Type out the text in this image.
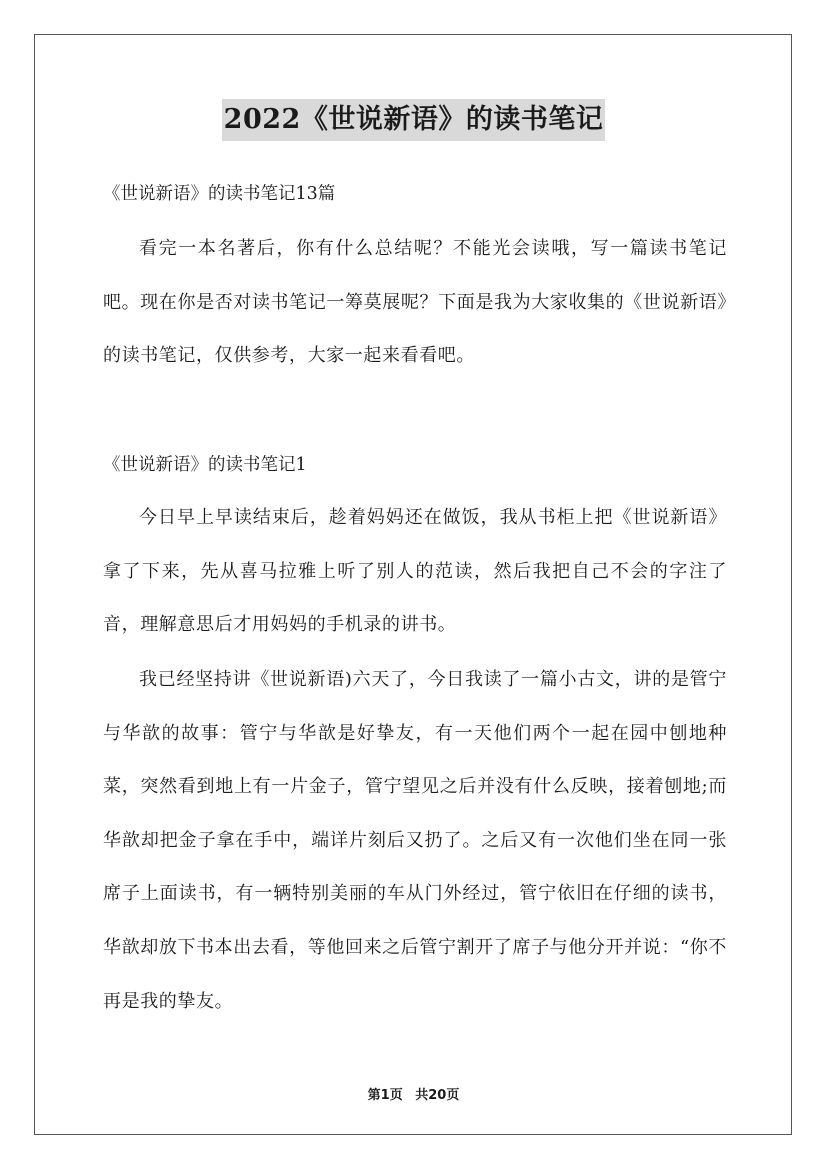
2022《世说新语》的读书笔记
《世说新语》的读书笔记13篇
看完一本名著后，你有什么总结呢？不能光会读哦，写一篇读书笔记吧。现在你是否对读书笔记一筹莫展呢？下面是我为大家收集的《世说新语》的读书笔记，仅供参考，大家一起来看看吧。
《世说新语》的读书笔记1
今日早上早读结束后，趁着妈妈还在做饭，我从书柜上把《世说新语》拿了下来，先从喜马拉雅上听了别人的范读，然后我把自己不会的字注了音，理解意思后才用妈妈的手机录的讲书。
我已经坚持讲《世说新语)六天了，今日我读了一篇小古文，讲的是管宁与华歆的故事：管宁与华歆是好挚友，有一天他们两个一起在园中刨地种菜，突然看到地上有一片金子，管宁望见之后并没有什么反映，接着刨地;而华歆却把金子拿在手中，端详片刻后又扔了。之后又有一次他们坐在同一张席子上面读书，有一辆特别美丽的车从门外经过，管宁依旧在仔细的读书，华歆却放下书本出去看，等他回来之后管宁割开了席子与他分开并说：“你不再是我的挚友。
第1页 共20页
